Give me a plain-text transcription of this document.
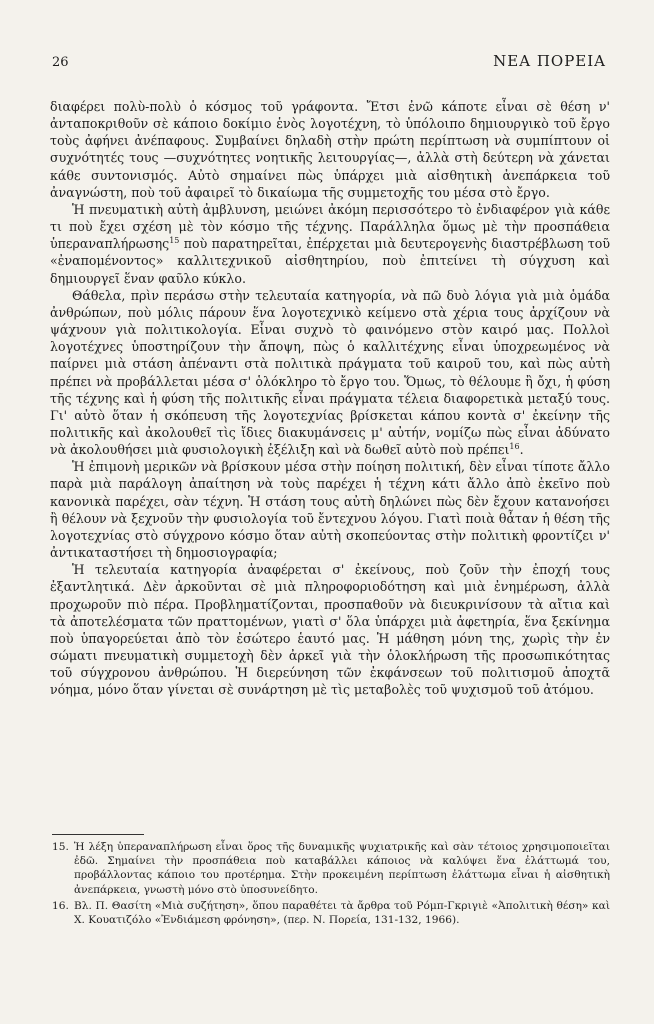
26	ΝΕΑ ΠΟΡΕΙΑ

διαφέρει πολὺ-πολὺ ὁ κόσμος τοῦ γράφοντα. Ἔτσι ἐνῶ κάποτε εἶναι σὲ θέση ν' ἀνταποκριθοῦν σὲ κάποιο δοκίμιο ἑνὸς λογοτέχνη, τὸ ὑπόλοιπο δημιουργικὸ τοῦ ἔργο τοὺς ἀφήνει ἀνέπαφους. Συμβαίνει δηλαδὴ στὴν πρώτη περίπτωση νὰ συμπίπτουν οἱ συχνότητές τους —συχνότητες νοητικῆς λειτουργίας—, ἀλλὰ στὴ δεύτερη νὰ χάνεται κάθε συντονισμός. Αὐτὸ σημαίνει πὼς ὑπάρχει μιὰ αἰσθητικὴ ἀνεπάρκεια τοῦ ἀναγνώστη, ποὺ τοῦ ἀφαιρεῖ τὸ δικαίωμα τῆς συμμετοχῆς του μέσα στὸ ἔργο.

Ἡ πνευματικὴ αὐτὴ ἀμβλυνση, μειώνει ἀκόμη περισσότερο τὸ ἐνδιαφέρον γιὰ κάθε τι ποὺ ἔχει σχέση μὲ τὸν κόσμο τῆς τέχνης. Παράλληλα ὅμως μὲ τὴν προσπάθεια ὑπεραναπλήρωσης$^{15}$ ποὺ παρατηρεῖται, ἐπέρχεται μιὰ δευτερογενὴς διαστρέβλωση τοῦ «ἐναπομένοντος» καλλιτεχνικοῦ αἰσθητηρίου, ποὺ ἐπιτείνει τὴ σύγχυση καὶ δημιουργεῖ ἕναν φαῦλο κύκλο.

Θάθελα, πρὶν περάσω στὴν τελευταία κατηγορία, νὰ πῶ δυὸ λόγια γιὰ μιὰ ὁμάδα ἀνθρώπων, ποὺ μόλις πάρουν ἕνα λογοτεχνικὸ κείμενο στὰ χέρια τους ἀρχίζουν νὰ ψάχνουν γιὰ πολιτικολογία. Εἶναι συχνὸ τὸ φαινόμενο στὸν καιρό μας. Πολλοὶ λογοτέχνες ὑποστηρίζουν τὴν ἄποψη, πὼς ὁ καλλιτέχνης εἶναι ὑποχρεωμένος νὰ παίρνει μιὰ στάση ἀπέναντι στὰ πολιτικὰ πράγματα τοῦ καιροῦ του, καὶ πὼς αὐτὴ πρέπει νὰ προβάλλεται μέσα σ' ὁλόκληρο τὸ ἔργο του. Ὅμως, τὸ θέλουμε ἢ ὄχι, ἡ φύση τῆς τέχνης καὶ ἡ φύση τῆς πολιτικῆς εἶναι πράγματα τέλεια διαφορετικὰ μεταξύ τους. Γι' αὐτὸ ὅταν ἡ σκόπευση τῆς λογοτεχνίας βρίσκεται κάπου κοντὰ σ' ἐκείνην τῆς πολιτικῆς καὶ ἀκολουθεῖ τὶς ἴδιες διακυμάνσεις μ' αὐτήν, νομίζω πὼς εἶναι ἀδύνατο νὰ ἀκολουθήσει μιὰ φυσιολογικὴ ἐξέλιξη καὶ νὰ δωθεῖ αὐτὸ ποὺ πρέπει$^{16}$.

Ἡ ἐπιμονὴ μερικῶν νὰ βρίσκουν μέσα στὴν ποίηση πολιτική, δὲν εἶναι τίποτε ἄλλο παρὰ μιὰ παράλογη ἀπαίτηση νὰ τοὺς παρέχει ἡ τέχνη κάτι ἄλλο ἀπὸ ἐκεῖνο ποὺ κανονικὰ παρέχει, σὰν τέχνη. Ἡ στάση τους αὐτὴ δηλώνει πὼς δὲν ἔχουν κατανοήσει ἢ θέλουν νὰ ξεχνοῦν τὴν φυσιολογία τοῦ ἔντεχνου λόγου. Γιατὶ ποιὰ θἆταν ἡ θέση τῆς λογοτεχνίας στὸ σύγχρονο κόσμο ὅταν αὐτὴ σκοπεύοντας στὴν πολιτικὴ φροντίζει ν' ἀντικαταστήσει τὴ δημοσιογραφία;

Ἡ τελευταία κατηγορία ἀναφέρεται σ' ἐκείνους, ποὺ ζοῦν τὴν ἐποχή τους ἐξαντλητικά. Δὲν ἀρκοῦνται σὲ μιὰ πληροφοριοδότηση καὶ μιὰ ἐνημέρωση, ἀλλὰ προχωροῦν πιὸ πέρα. Προβληματίζονται, προσπαθοῦν νὰ διευκρινίσουν τὰ αἴτια καὶ τὰ ἀποτελέσματα τῶν πραττομένων, γιατὶ σ' ὅλα ὑπάρχει μιὰ ἀφετηρία, ἕνα ξεκίνημα ποὺ ὑπαγορεύεται ἀπὸ τὸν ἐσώτερο ἑαυτό μας. Ἡ μάθηση μόνη της, χωρὶς τὴν ἐν σώματι πνευματικὴ συμμετοχὴ δὲν ἀρκεῖ γιὰ τὴν ὁλοκλήρωση τῆς προσωπικότητας τοῦ σύγχρονου ἀνθρώπου. Ἡ διερεύνηση τῶν ἐκφάνσεων τοῦ πολιτισμοῦ ἀποχτᾶ νόημα, μόνο ὅταν γίνεται σὲ συνάρτηση μὲ τὶς μεταβολὲς τοῦ ψυχισμοῦ τοῦ ἀτόμου.

15. Ἡ λέξη ὑπεραναπλήρωση εἶναι ὅρος τῆς δυναμικῆς ψυχιατρικῆς καὶ σὰν τέτοιος χρησιμοποιεῖται ἐδῶ. Σημαίνει τὴν προσπάθεια ποὺ καταβάλλει κάποιος νὰ καλύψει ἕνα ἐλάττωμά του, προβάλλοντας κάποιο του προτέρημα. Στὴν προκειμένη περίπτωση ἐλάττωμα εἶναι ἡ αἰσθητικὴ ἀνεπάρκεια, γνωστὴ μόνο στὸ ὑποσυνείδητο.
16. Βλ. Π. Θασίτη «Μιὰ συζήτηση», ὅπου παραθέτει τὰ ἄρθρα τοῦ Ρόμπ-Γκριγιὲ «Ἀπολιτικὴ θέση» καὶ Χ. Κουατιζόλο «Ἐνδιάμεση φρόνηση», (περ. Ν. Πορεία, 131-132, 1966).
